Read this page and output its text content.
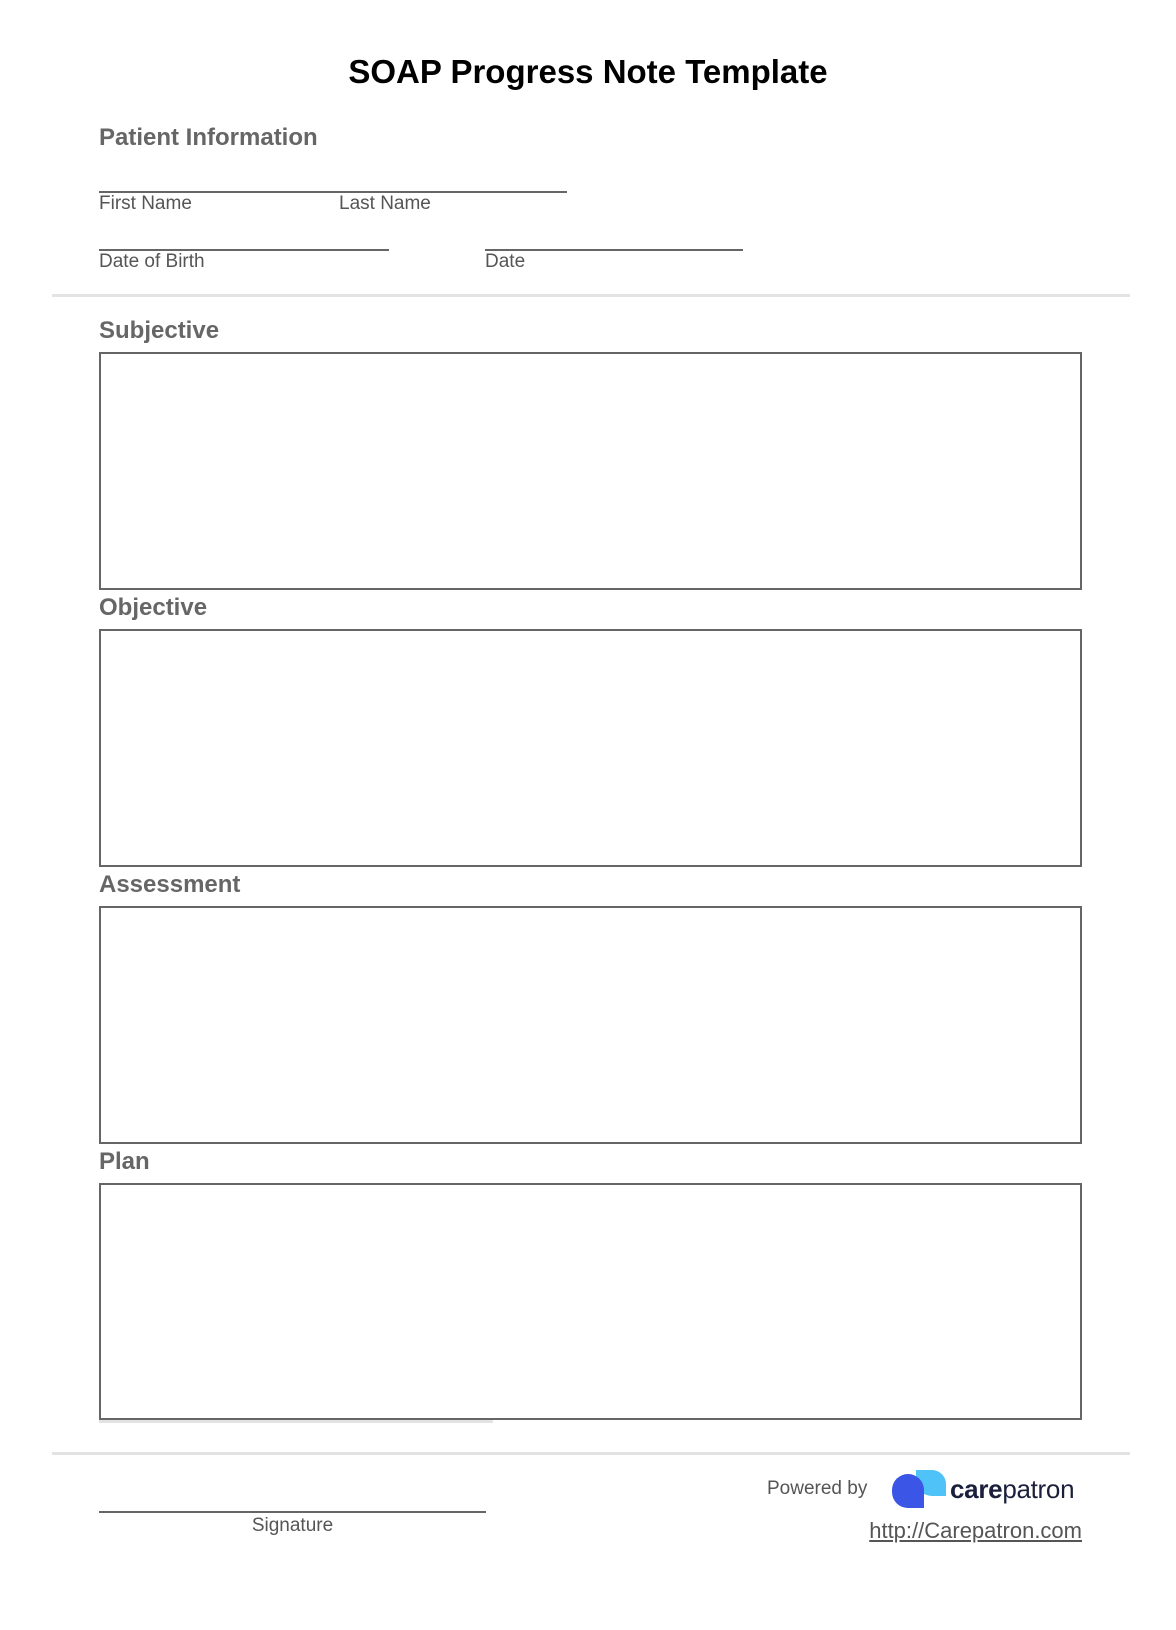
SOAP Progress Note Template
Patient Information
First Name	Last Name
Date of Birth	Date
Subjective
Objective
Assessment
Plan
Signature
Powered by	carepatron
http://Carepatron.com
